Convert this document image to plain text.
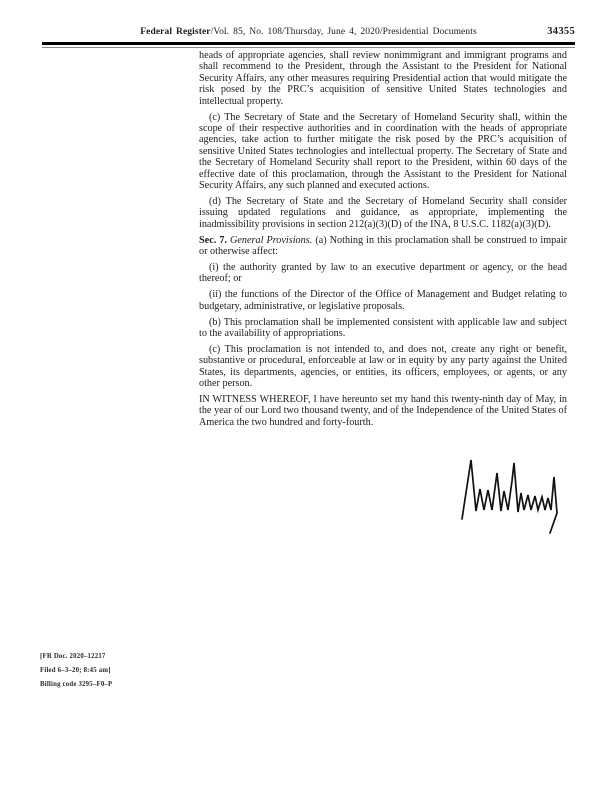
Federal Register/Vol. 85, No. 108/Thursday, June 4, 2020/Presidential Documents	34355

heads of appropriate agencies, shall review nonimmigrant and immigrant programs and shall recommend to the President, through the Assistant to the President for National Security Affairs, any other measures requiring Presidential action that would mitigate the risk posed by the PRC’s acquisition of sensitive United States technologies and intellectual property.

(c) The Secretary of State and the Secretary of Homeland Security shall, within the scope of their respective authorities and in coordination with the heads of appropriate agencies, take action to further mitigate the risk posed by the PRC’s acquisition of sensitive United States technologies and intellectual property. The Secretary of State and the Secretary of Homeland Security shall report to the President, within 60 days of the effective date of this proclamation, through the Assistant to the President for National Security Affairs, any such planned and executed actions.

(d) The Secretary of State and the Secretary of Homeland Security shall consider issuing updated regulations and guidance, as appropriate, implementing the inadmissibility provisions in section 212(a)(3)(D) of the INA, 8 U.S.C. 1182(a)(3)(D).

Sec. 7. General Provisions. (a) Nothing in this proclamation shall be construed to impair or otherwise affect:

(i) the authority granted by law to an executive department or agency, or the head thereof; or

(ii) the functions of the Director of the Office of Management and Budget relating to budgetary, administrative, or legislative proposals.

(b) This proclamation shall be implemented consistent with applicable law and subject to the availability of appropriations.

(c) This proclamation is not intended to, and does not, create any right or benefit, substantive or procedural, enforceable at law or in equity by any party against the United States, its departments, agencies, or entities, its officers, employees, or agents, or any other person.

IN WITNESS WHEREOF, I have hereunto set my hand this twenty-ninth day of May, in the year of our Lord two thousand twenty, and of the Independence of the United States of America the two hundred and forty-fourth.

[FR Doc. 2020–12217
Filed 6–3–20; 8:45 am]
Billing code 3295–F0–P
